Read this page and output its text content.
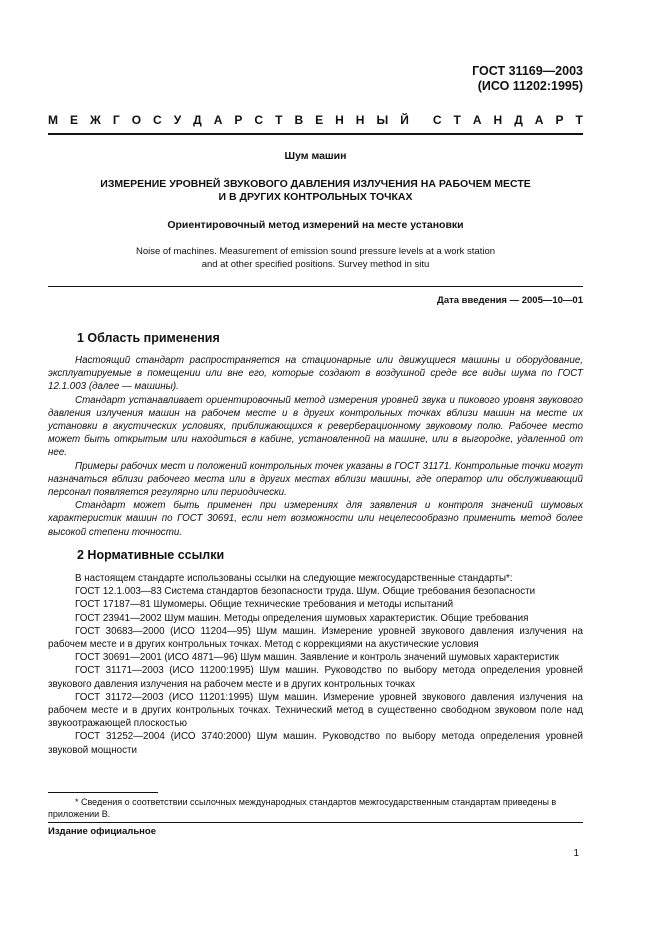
ГОСТ 31169—2003
(ИСО 11202:1995)
М Е Ж Г О С У Д А Р С Т В Е Н Н Ы Й С Т А Н Д А Р Т
Шум машин
ИЗМЕРЕНИЕ УРОВНЕЙ ЗВУКОВОГО ДАВЛЕНИЯ ИЗЛУЧЕНИЯ НА РАБОЧЕМ МЕСТЕ
И В ДРУГИХ КОНТРОЛЬНЫХ ТОЧКАХ
Ориентировочный метод измерений на месте установки
Noise of machines. Measurement of emission sound pressure levels at a work station
and at other specified positions. Survey method in situ
Дата введения — 2005—10—01
1 Область применения

Настоящий стандарт распространяется на стационарные или движущиеся машины и оборудование, эксплуатируемые в помещении или вне его, которые создают в воздушной среде все виды шума по ГОСТ 12.1.003 (далее — машины).

Стандарт устанавливает ориентировочный метод измерения уровней звука и пикового уровня звукового давления излучения машин на рабочем месте и в других контрольных точках вблизи машин на месте их установки в акустических условиях, приближающихся к реверберационному звуковому полю. Рабочее место может быть открытым или находиться в кабине, установленной на машине, или в выгородке, удаленной от нее.

Примеры рабочих мест и положений контрольных точек указаны в ГОСТ 31171. Контрольные точки могут назначаться вблизи рабочего места или в других местах вблизи машины, где оператор или обслуживающий персонал появляется регулярно или периодически.

Стандарт может быть применен при измерениях для заявления и контроля значений шумовых характеристик машин по ГОСТ 30691, если нет возможности или нецелесообразно применить метод более высокой степени точности.

2 Нормативные ссылки

В настоящем стандарте использованы ссылки на следующие межгосударственные стандарты*:

ГОСТ 12.1.003—83 Система стандартов безопасности труда. Шум. Общие требования безопасности

ГОСТ 17187—81 Шумомеры. Общие технические требования и методы испытаний

ГОСТ 23941—2002 Шум машин. Методы определения шумовых характеристик. Общие требования

ГОСТ 30683—2000 (ИСО 11204—95) Шум машин. Измерение уровней звукового давления излучения на рабочем месте и в других контрольных точках. Метод с коррекциями на акустические условия

ГОСТ 30691—2001 (ИСО 4871—96) Шум машин. Заявление и контроль значений шумовых характеристик

ГОСТ 31171—2003 (ИСО 11200:1995) Шум машин. Руководство по выбору метода определения уровней звукового давления излучения на рабочем месте и в других контрольных точках

ГОСТ 31172—2003 (ИСО 11201:1995) Шум машин. Измерение уровней звукового давления излучения на рабочем месте и в других контрольных точках. Технический метод в существенно свободном звуковом поле над звукоотражающей плоскостью

ГОСТ 31252—2004 (ИСО 3740:2000) Шум машин. Руководство по выбору метода определения уровней звуковой мощности

* Сведения о соответствии ссылочных международных стандартов межгосударственным стандартам приведены в приложении В.
Издание официальное
1
